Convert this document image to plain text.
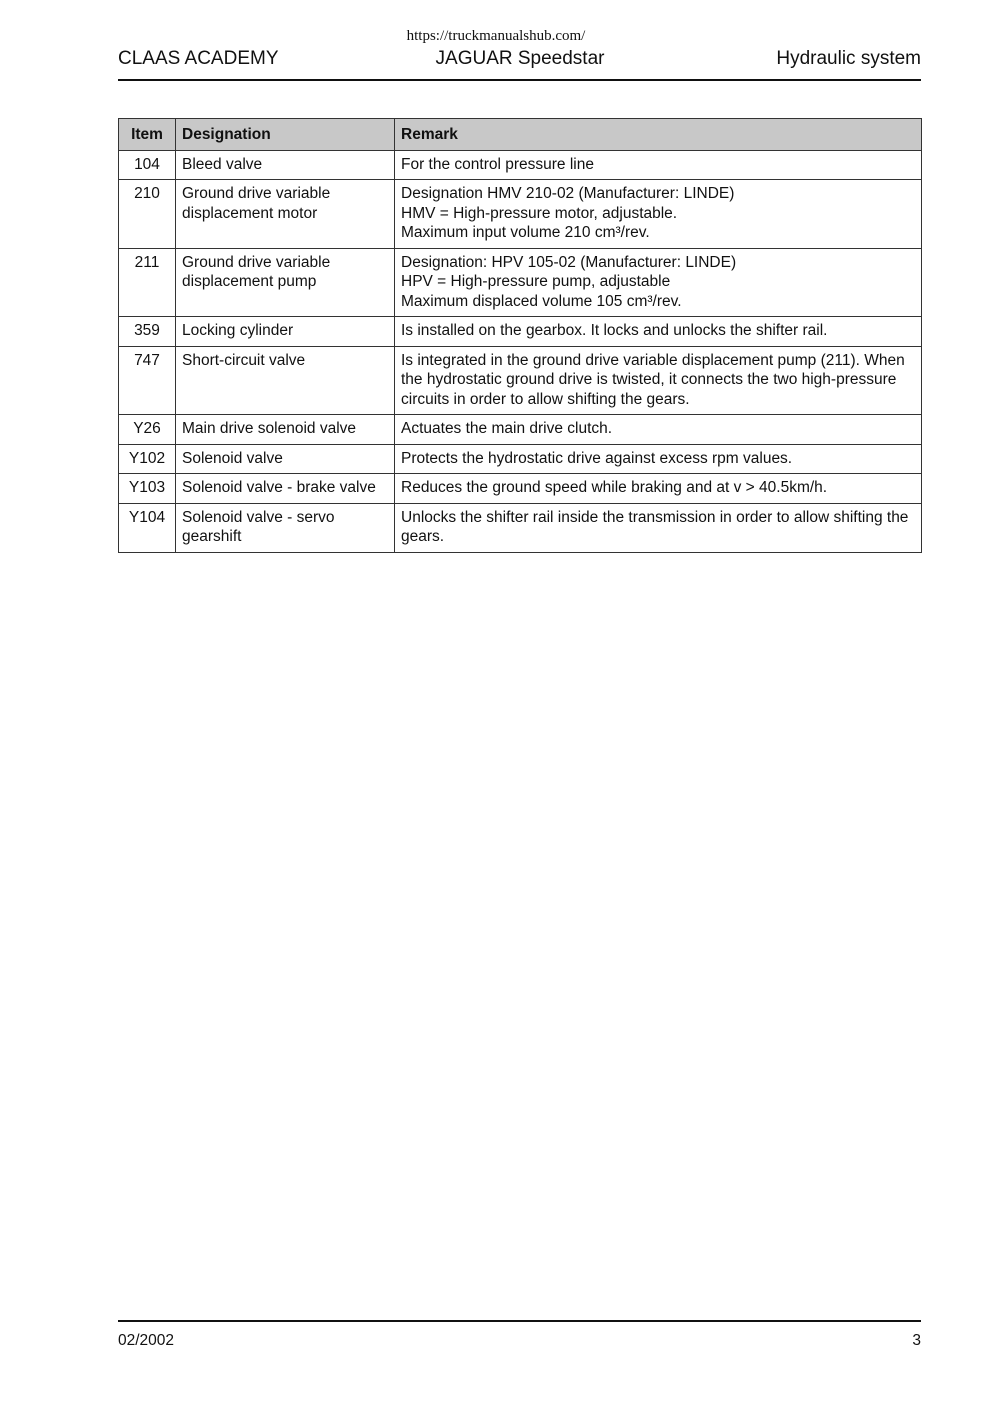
https://truckmanualshub.com/
CLAAS ACADEMY	JAGUAR Speedstar	Hydraulic system
Item	Designation	Remark
104	Bleed valve	For the control pressure line

210	Ground drive variable displacement motor	Designation HMV 210-02 (Manufacturer: LINDE)
HMV = High-pressure motor, adjustable.
Maximum input volume 210 cm³/rev.

211	Ground drive variable displacement pump	Designation: HPV 105-02 (Manufacturer: LINDE)
HPV = High-pressure pump, adjustable
Maximum displaced volume 105 cm³/rev.

359	Locking cylinder	Is installed on the gearbox. It locks and unlocks the shifter rail.

747	Short-circuit valve	Is integrated in the ground drive variable displacement pump (211). When the hydrostatic ground drive is twisted, it connects the two high-pressure circuits in order to allow shifting the gears.

Y26	Main drive solenoid valve	Actuates the main drive clutch.

Y102	Solenoid valve	Protects the hydrostatic drive against excess rpm values.

Y103	Solenoid valve - brake valve	Reduces the ground speed while braking and at v > 40.5km/h.

Y104	Solenoid valve - servo gearshift	Unlocks the shifter rail inside the transmission in order to allow shifting the gears.
02/2002	3
